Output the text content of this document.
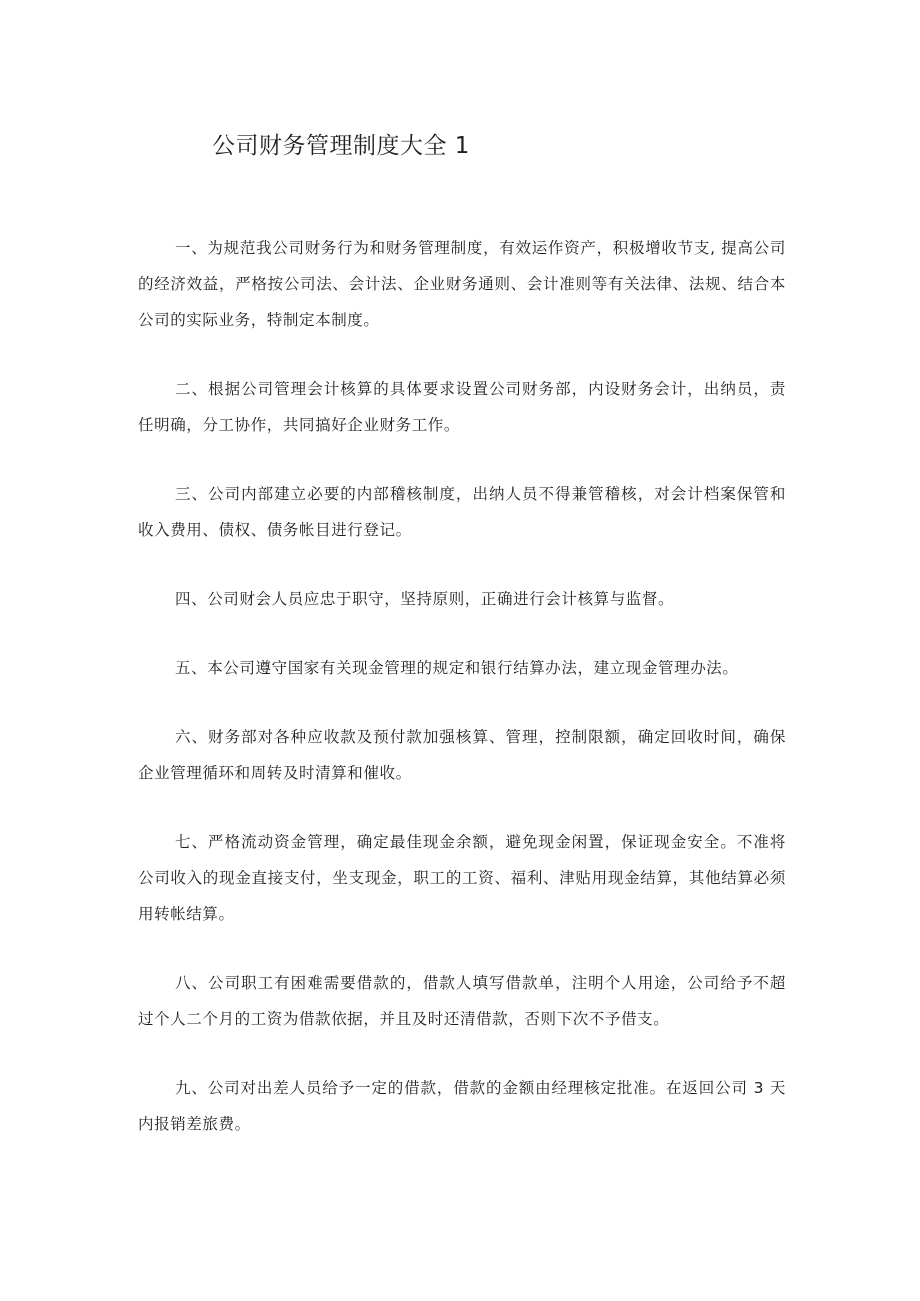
公司财务管理制度大全 1

一、为规范我公司财务行为和财务管理制度，有效运作资产，积极增收节支, 提高公司的经济效益，严格按公司法、会计法、企业财务通则、会计准则等有关法律、法规、结合本公司的实际业务，特制定本制度。

二、根据公司管理会计核算的具体要求设置公司财务部，内设财务会计，出纳员，责任明确，分工协作，共同搞好企业财务工作。

三、公司内部建立必要的内部稽核制度，出纳人员不得兼管稽核，对会计档案保管和收入费用、债权、债务帐目进行登记。

四、公司财会人员应忠于职守，坚持原则，正确进行会计核算与监督。

五、本公司遵守国家有关现金管理的规定和银行结算办法，建立现金管理办法。

六、财务部对各种应收款及预付款加强核算、管理，控制限额，确定回收时间，确保企业管理循环和周转及时清算和催收。

七、严格流动资金管理，确定最佳现金余额，避免现金闲置，保证现金安全。不准将公司收入的现金直接支付，坐支现金，职工的工资、福利、津贴用现金结算，其他结算必须用转帐结算。

八、公司职工有困难需要借款的，借款人填写借款单，注明个人用途，公司给予不超过个人二个月的工资为借款依据，并且及时还清借款，否则下次不予借支。

九、公司对出差人员给予一定的借款，借款的金额由经理核定批准。在返回公司 3 天内报销差旅费。
